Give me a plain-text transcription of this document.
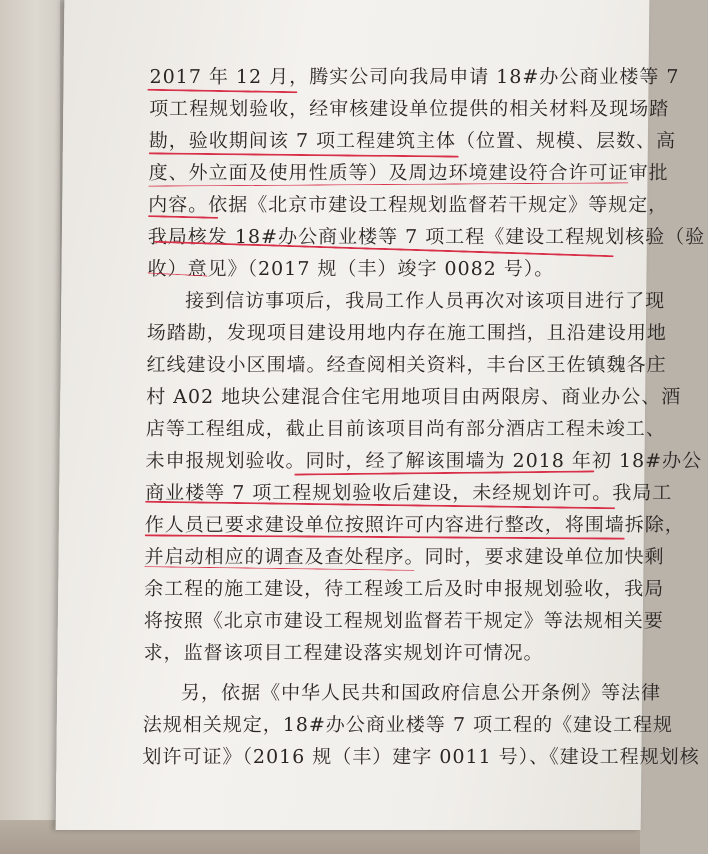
2017 年 12 月，腾实公司向我局申请 18#办公商业楼等 7

项工程规划验收，经审核建设单位提供的相关材料及现场踏

勘，验收期间该 7 项工程建筑主体（位置、规模、层数、高

度、外立面及使用性质等）及周边环境建设符合许可证审批

内容。依据《北京市建设工程规划监督若干规定》等规定，

我局核发 18#办公商业楼等 7 项工程《建设工程规划核验（验

收）意见》（2017 规（丰）竣字 0082 号）。

接到信访事项后，我局工作人员再次对该项目进行了现

场踏勘，发现项目建设用地内存在施工围挡，且沿建设用地

红线建设小区围墙。经查阅相关资料，丰台区王佐镇魏各庄

村 A02 地块公建混合住宅用地项目由两限房、商业办公、酒

店等工程组成，截止目前该项目尚有部分酒店工程未竣工、

未申报规划验收。同时，经了解该围墙为 2018 年初 18#办公

商业楼等 7 项工程规划验收后建设，未经规划许可。我局工

作人员已要求建设单位按照许可内容进行整改，将围墙拆除，

并启动相应的调查及查处程序。同时，要求建设单位加快剩

余工程的施工建设，待工程竣工后及时申报规划验收，我局

将按照《北京市建设工程规划监督若干规定》等法规相关要

求，监督该项目工程建设落实规划许可情况。

另，依据《中华人民共和国政府信息公开条例》等法律

法规相关规定，18#办公商业楼等 7 项工程的《建设工程规

划许可证》（2016 规（丰）建字 0011 号）、《建设工程规划核
